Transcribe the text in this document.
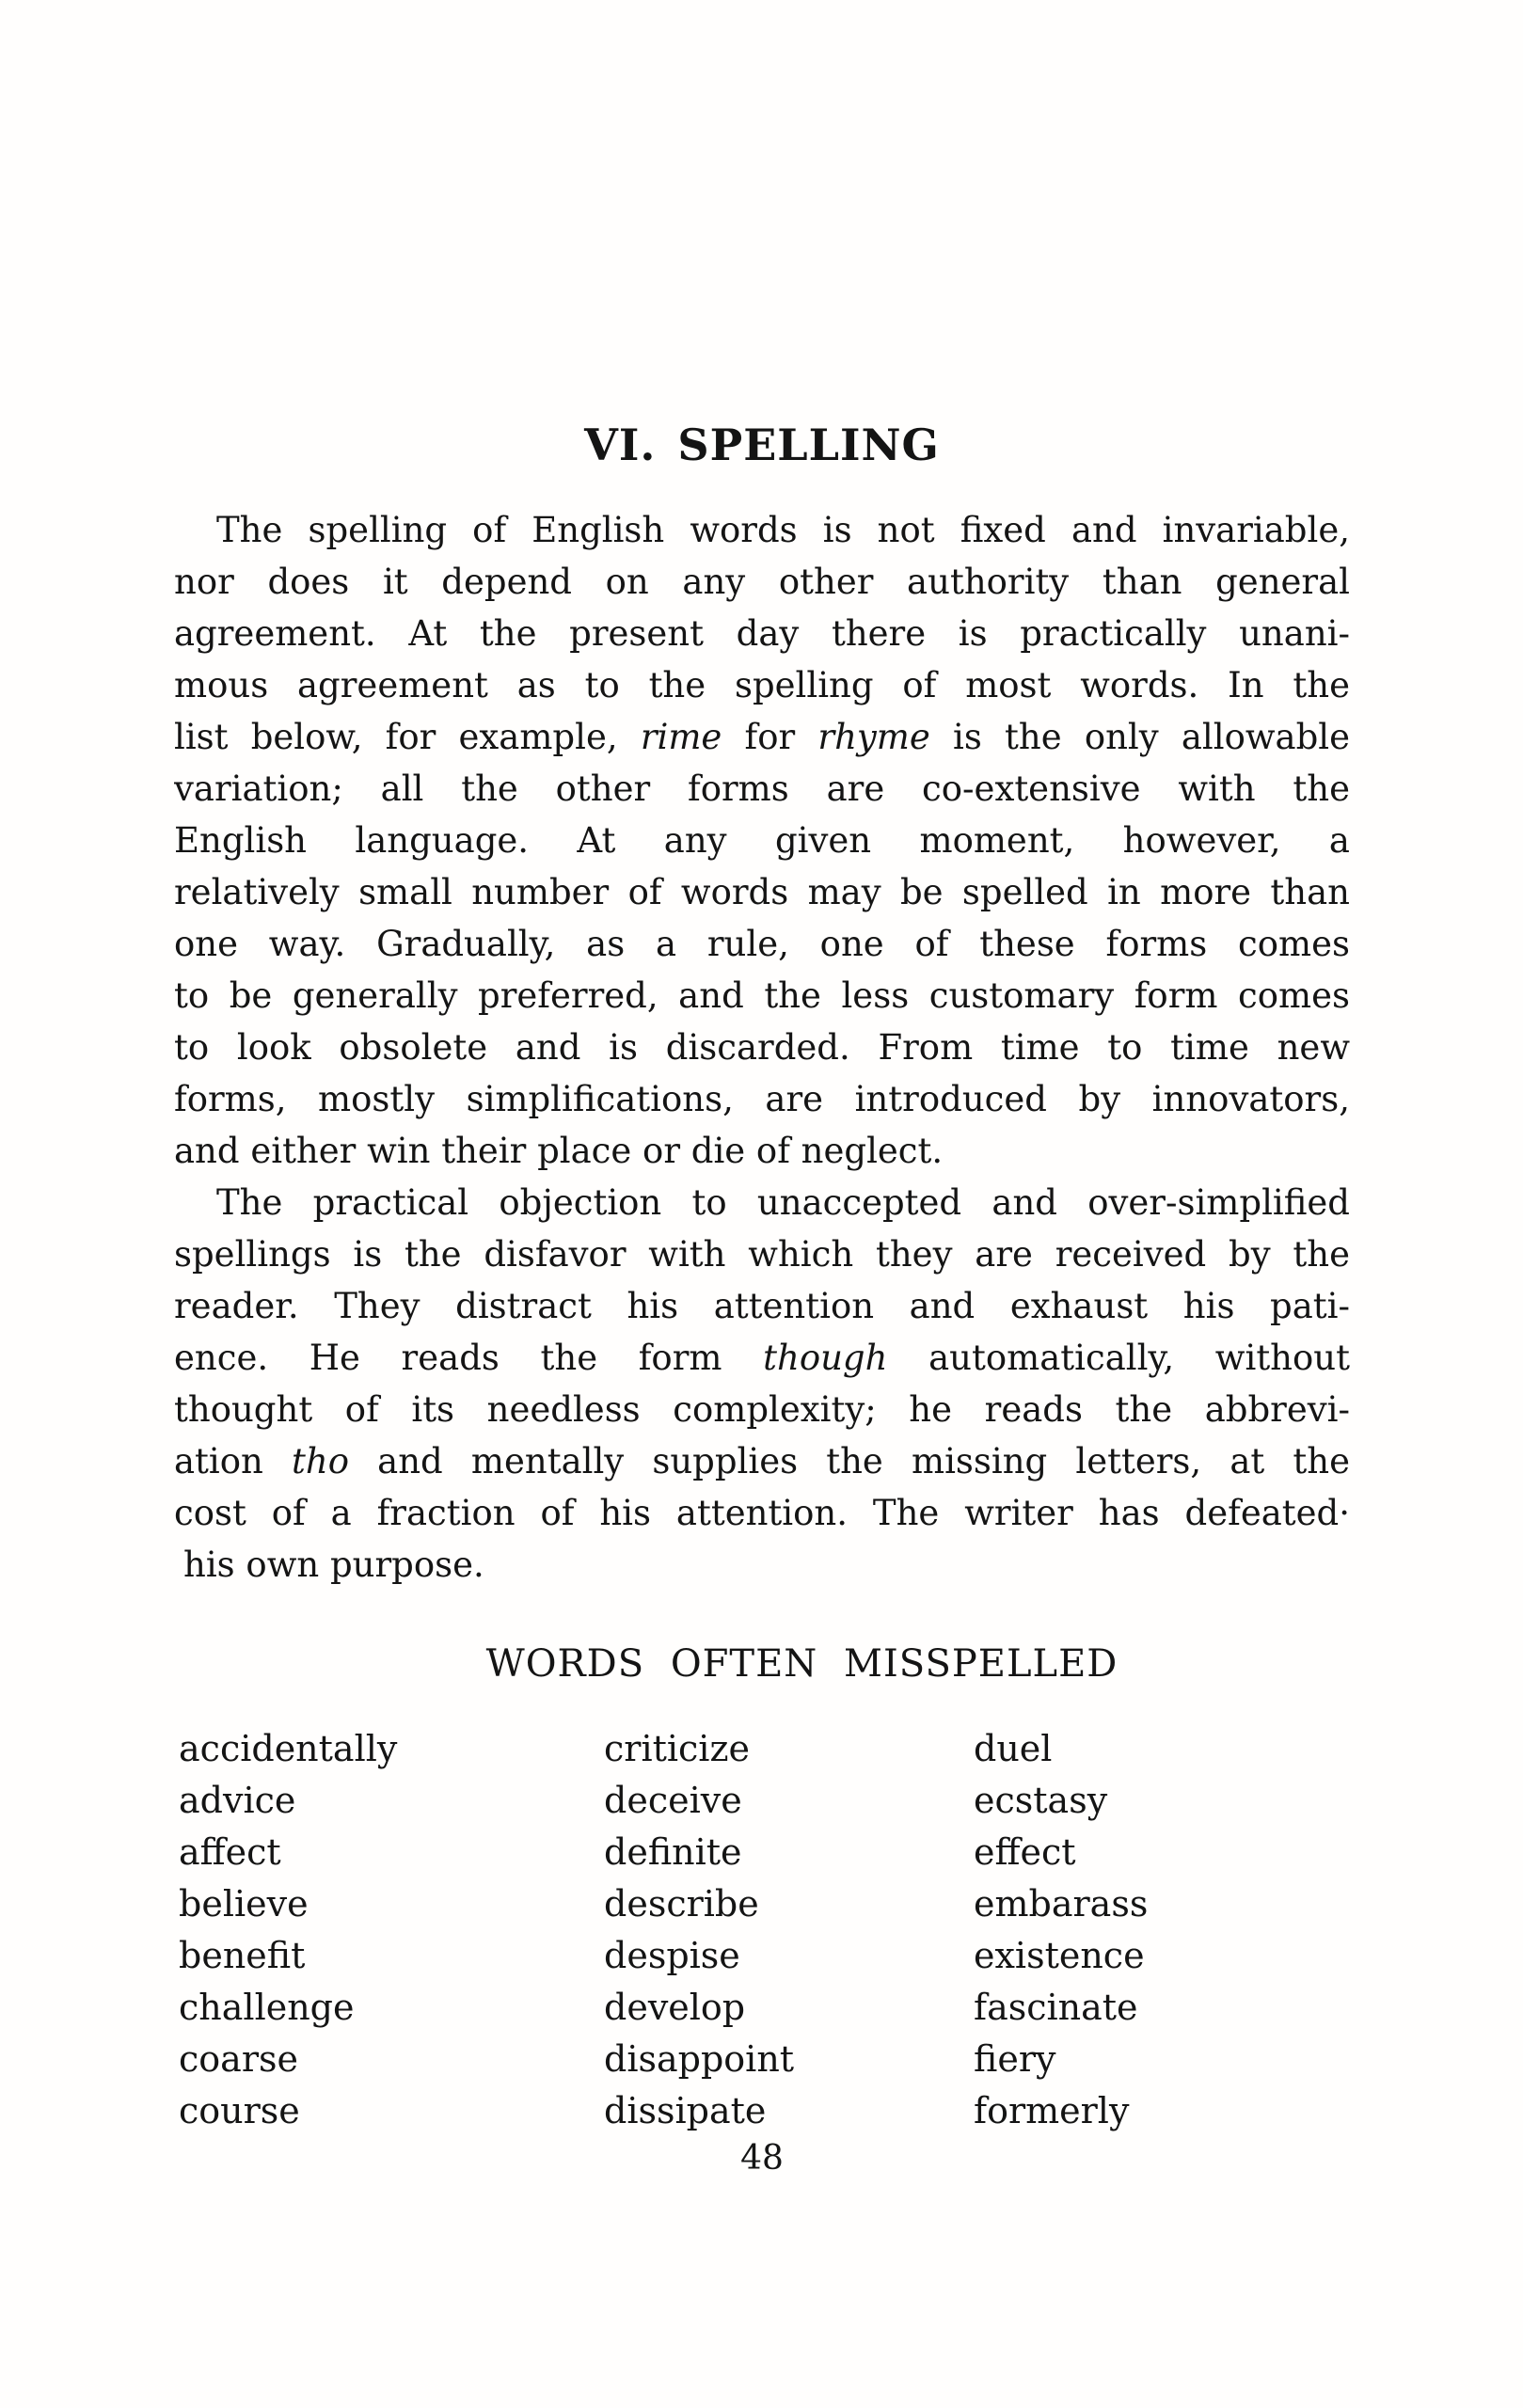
VI. SPELLING
The spelling of English words is not fixed and invariable,
nor does it depend on any other authority than general
agreement. At the present day there is practically unani-
mous agreement as to the spelling of most words. In the
list below, for example, rime for rhyme is the only allowable
variation; all the other forms are co-extensive with the
English language. At any given moment, however, a
relatively small number of words may be spelled in more than
one way. Gradually, as a rule, one of these forms comes
to be generally preferred, and the less customary form comes
to look obsolete and is discarded. From time to time new
forms, mostly simplifications, are introduced by innovators,
and either win their place or die of neglect.
The practical objection to unaccepted and over-simplified
spellings is the disfavor with which they are received by the
reader. They distract his attention and exhaust his pati-
ence. He reads the form though automatically, without
thought of its needless complexity; he reads the abbrevi-
ation tho and mentally supplies the missing letters, at the
cost of a fraction of his attention. The writer has defeated·
his own purpose.
WORDS OFTEN MISSPELLED
accidentally
advice
affect
believe
benefit
challenge
coarse
course
criticize
deceive
definite
describe
despise
develop
disappoint
dissipate
duel
ecstasy
effect
embarass
existence
fascinate
fiery
formerly
48
